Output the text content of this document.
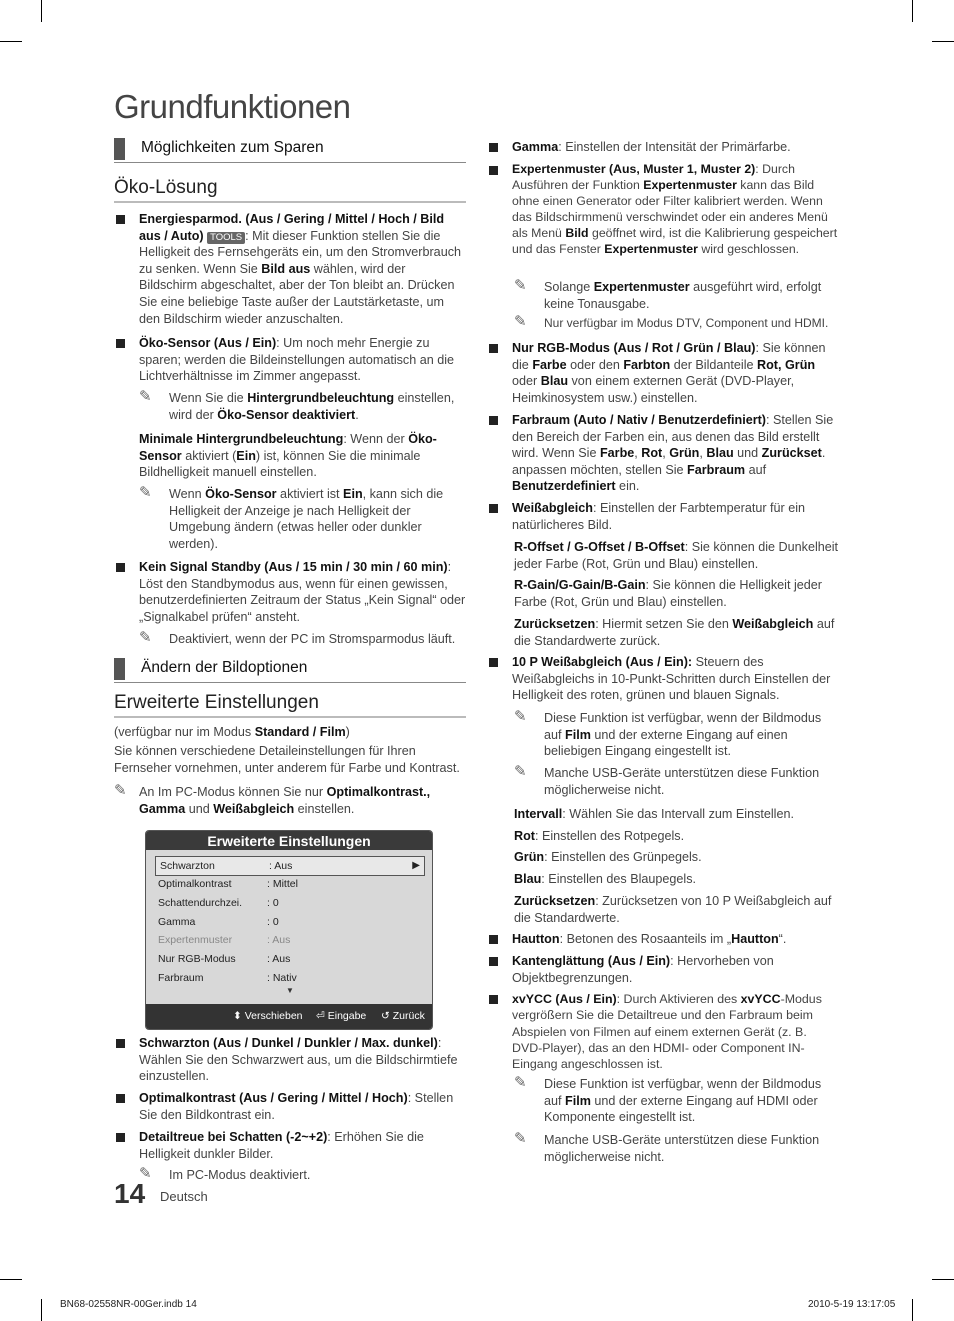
Grundfunktionen
Möglichkeiten zum Sparen
Öko-Lösung
Energiesparmod. (Aus / Gering / Mittel / Hoch / Bild aus / Auto) TOOLS : Mit dieser Funktion stellen Sie die Helligkeit des Fernsehgeräts ein, um den Stromverbrauch zu senken. Wenn Sie Bild aus wählen, wird der Bildschirm abgeschaltet, aber der Ton bleibt an. Drücken Sie eine beliebige Taste außer der Lautstärketaste, um den Bildschirm wieder anzuschalten.
Öko-Sensor (Aus / Ein): Um noch mehr Energie zu sparen; werden die Bildeinstellungen automatisch an die Lichtverhältnisse im Zimmer angepasst.
✎ Wenn Sie die Hintergrundbeleuchtung einstellen, wird der Öko-Sensor deaktiviert.
Minimale Hintergrundbeleuchtung: Wenn der Öko-Sensor aktiviert (Ein) ist, können Sie die minimale Bildhelligkeit manuell einstellen.
✎ Wenn Öko-Sensor aktiviert ist Ein, kann sich die Helligkeit der Anzeige je nach Helligkeit der Umgebung ändern (etwas heller oder dunkler werden).
Kein Signal Standby (Aus / 15 min / 30 min / 60 min): Löst den Standbymodus aus, wenn für einen gewissen, benutzerdefinierten Zeitraum der Status „Kein Signal“ oder „Signalkabel prüfen“ ansteht.
✎ Deaktiviert, wenn der PC im Stromsparmodus läuft.
Ändern der Bildoptionen
Erweiterte Einstellungen
(verfügbar nur im Modus Standard / Film)
Sie können verschiedene Detaileinstellungen für Ihren Fernseher vornehmen, unter anderem für Farbe und Kontrast.
✎ An Im PC-Modus können Sie nur Optimalkontrast., Gamma und Weißabgleich einstellen.
Schwarzton (Aus / Dunkel / Dunkler / Max. dunkel): Wählen Sie den Schwarzwert aus, um die Bildschirmtiefe einzustellen.
Optimalkontrast (Aus / Gering / Mittel / Hoch): Stellen Sie den Bildkontrast ein.
Detailtreue bei Schatten (-2~+2): Erhöhen Sie die Helligkeit dunkler Bilder.
✎ Im PC-Modus deaktiviert.
Erweiterte Einstellungen
Schwarzton	: Aus	▶
Optimalkontrast	: Mittel
Schattendurchzei. : 0
Gamma	: 0
Expertenmuster	: Aus
Nur RGB-Modus	: Aus
Farbraum	: Nativ
▼
⬍ Verschieben ⏎ Eingabe ↺ Zurück
Gamma: Einstellen der Intensität der Primärfarbe.
Expertenmuster (Aus, Muster 1, Muster 2): Durch Ausführen der Funktion Expertenmuster kann das Bild ohne einen Generator oder Filter kalibriert werden. Wenn das Bildschirmmenü verschwindet oder ein anderes Menü als Menü Bild geöffnet wird, ist die Kalibrierung gespeichert und das Fenster Expertenmuster wird geschlossen.
✎ Solange Expertenmuster ausgeführt wird, erfolgt keine Tonausgabe.
✎ Nur verfügbar im Modus DTV, Component und HDMI.
Nur RGB-Modus (Aus / Rot / Grün / Blau): Sie können die Farbe oder den Farbton der Bildanteile Rot, Grün oder Blau von einem externen Gerät (DVD-Player, Heimkinosystem usw.) einstellen.
Farbraum (Auto / Nativ / Benutzerdefiniert): Stellen Sie den Bereich der Farben ein, aus denen das Bild erstellt wird. Wenn Sie Farbe, Rot, Grün, Blau und Zurückset. anpassen möchten, stellen Sie Farbraum auf Benutzerdefiniert ein.
Weißabgleich: Einstellen der Farbtemperatur für ein natürlicheres Bild.
R-Offset / G-Offset / B-Offset: Sie können die Dunkelheit jeder Farbe (Rot, Grün und Blau) einstellen.
R-Gain/G-Gain/B-Gain: Sie können die Helligkeit jeder Farbe (Rot, Grün und Blau) einstellen.
Zurücksetzen: Hiermit setzen Sie den Weißabgleich auf die Standardwerte zurück.
10 P Weißabgleich (Aus / Ein): Steuern des Weißabgleichs in 10-Punkt-Schritten durch Einstellen der Helligkeit des roten, grünen und blauen Signals.
✎ Diese Funktion ist verfügbar, wenn der Bildmodus auf Film und der externe Eingang auf einen beliebigen Eingang eingestellt ist.
✎ Manche USB-Geräte unterstützen diese Funktion möglicherweise nicht.
Intervall: Wählen Sie das Intervall zum Einstellen.
Rot: Einstellen des Rotpegels.
Grün: Einstellen des Grünpegels.
Blau: Einstellen des Blaupegels.
Zurücksetzen: Zurücksetzen von 10 P Weißabgleich auf die Standardwerte.
Hautton: Betonen des Rosaanteils im „Hautton“.
Kantenglättung (Aus / Ein): Hervorheben von Objektbegrenzungen.
xvYCC (Aus / Ein): Durch Aktivieren des xvYCC-Modus vergrößern Sie die Detailtreue und den Farbraum beim Abspielen von Filmen auf einem externen Gerät (z. B. DVD-Player), das an den HDMI- oder Component IN-Eingang angeschlossen ist.
✎ Diese Funktion ist verfügbar, wenn der Bildmodus auf Film und der externe Eingang auf HDMI oder Komponente eingestellt ist.
✎ Manche USB-Geräte unterstützen diese Funktion möglicherweise nicht.
14 Deutsch
BN68-02558NR-00Ger.indb 14	2010-5-19 13:17:05
